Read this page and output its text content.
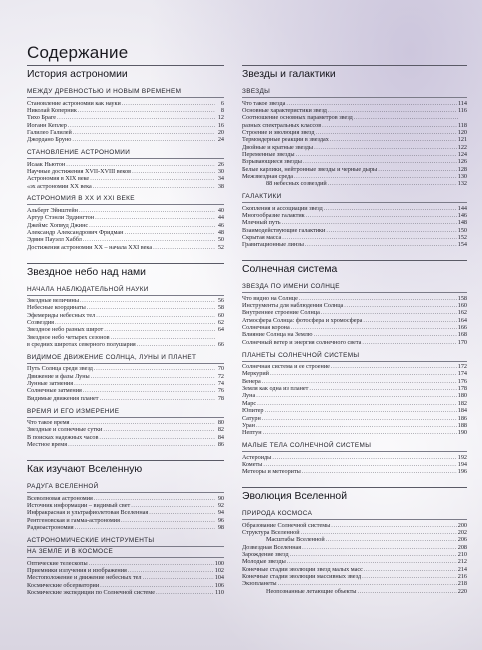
Содержание
История астрономии
МЕЖДУ ДРЕВНОСТЬЮ И НОВЫМ ВРЕМЕНЕМ
Становление астрономии как науки .....	6
Николай Коперник .....	8
Тихо Браге .....	12
Иоганн Кеплер .....	16
Галилео Галилей .....	20
Джордано Бруно .....	24
СТАНОВЛЕНИЕ АСТРОНОМИИ
Исаак Ньютон .....	26
Научные достижения XVII-XVIII веков .....	30
Астрономия в XIX веке .....	34
«эх астрономии XX века .....	38
АСТРОНОМИЯ В XX И XXI ВЕКЕ
Альберт Эйнштейн .....	40
Артур Стэнли Эддингтон .....	44
Джеймс Хопвуд Джинс .....	46
Александр Александрович Фридман .....	48
Эдвин Пауэлл Хаббл .....	50
Достижения астрономии XX – начала XXI века .....	52
Звездное небо над нами
НАЧАЛА НАБЛЮДАТЕЛЬНОЙ НАУКИ
Звездные величины .....	56
Небесные координаты .....	58
Эфемериды небесных тел .....	60
Созвездия .....	62
Звездное небо разных широт .....	64
Звездное небо четырех сезонов
.....
в средних широтах северного полушария .....	66
ВИДИМОЕ ДВИЖЕНИЕ СОЛНЦА, ЛУНЫ И ПЛАНЕТ
Путь Солнца среди звезд .....	70
Движение и фазы Луны .....	72
Лунные затмения .....	74
Солнечные затмения .....	76
Видимые движения планет .....	78
ВРЕМЯ И ЕГО ИЗМЕРЕНИЕ
Что такое время .....	80
Звездные и солнечные сутки .....	82
В поисках надежных часов .....	84
Местное время .....	86
Как изучают Вселенную
РАДУГА ВСЕЛЕННОЙ
Всеволновая астрономия .....	90
Источник информации – видимый свет .....	92
Инфракрасная и ультрафиолетовая Вселенная .....	94
Рентгеновская и гамма-астрономия .....	96
Радиоастрономия .....	98
АСТРОНОМИЧЕСКИЕ ИНСТРУМЕНТЫ
НА ЗЕМЛЕ И В КОСМОСЕ
Оптические телескопы .....	100
Приемники излучения и изображения .....	102
Местоположение и движение небесных тел .....	104
Космические обсерватории .....	106
Космические экспедиции по Солнечной системе .....	110
Звезды и галактики
ЗВЕЗДЫ
Что такое звезда .....	114
Основные характеристики звезд .....	116
Соотношение основных параметров звезд
.....
разных спектральных классов .....	118
Строение и эволюция звезд .....	120
Термоядерные реакции в звездах .....	121
Двойные и кратные звезды .....	122
Переменные звезды .....	124
Взрывающиеся звезды .....	126
Белые карлики, нейтронные звезды и черные дыры .....	128
Межзвездная среда .....	130
88 небесных созвездий .....	132
ГАЛАКТИКИ
Скопления и ассоциации звезд .....	144
Многообразие галактик .....	146
Млечный путь .....	148
Взаимодействующие галактики .....	150
Скрытая масса .....	152
Гравитационные линзы .....	154
Солнечная система
ЗВЕЗДА ПО ИМЕНИ СОЛНЦЕ
Что видно на Солнце .....	158
Инструменты для наблюдения Солнца .....	160
Внутреннее строение Солнца .....	162
Атмосфера Солнца: фотосфера и хромосфера .....	164
Солнечная корона .....	166
Влияние Солнца на Землю .....	168
Солнечный ветер и энергия солнечного света .....	170
ПЛАНЕТЫ СОЛНЕЧНОЙ СИСТЕМЫ
Солнечная система и ее строение .....	172
Меркурий .....	174
Венера .....	176
Земля как одна из планет .....	178
Луна .....	180
Марс .....	182
Юпитер .....	184
Сатурн .....	186
Уран .....	188
Нептун .....	190
МАЛЫЕ ТЕЛА СОЛНЕЧНОЙ СИСТЕМЫ
Астероиды .....	192
Кометы .....	194
Метеоры и метеориты .....	196
Эволюция Вселенной
ПРИРОДА КОСМОСА
Образование Солнечной системы .....	200
Структура Вселенной .....	202
Масштабы Вселенной .....	206
Дозвездная Вселенная .....	208
Зарождение звезд .....	210
Молодые звезды .....	212
Конечные стадии эволюции звезд малых масс .....	214
Конечные стадии эволюции массивных звезд .....	216
Экзопланеты .....	218
Неопознанные летающие объекты .....	220
